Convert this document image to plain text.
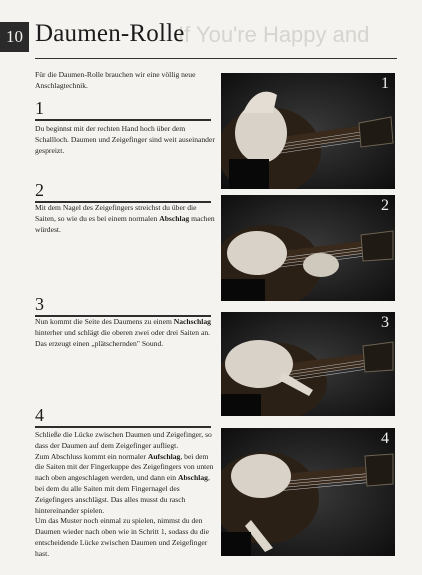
10	If You're Happy and
Daumen-Rolle
Für die Daumen-Rolle brauchen wir eine völlig neue Anschlagtechnik.
1
Du beginnst mit der rechten Hand hoch über dem Schallloch. Daumen und Zeigefinger sind weit auseinander gespreizt.
2
Mit dem Nagel des Zeigefingers streichst du über die Saiten, so wie du es bei einem normalen Abschlag machen würdest.
3
Nun kommt die Seite des Daumens zu einem Nachschlag hinterher und schlägt die oberen zwei oder drei Saiten an. Das erzeugt einen „plätschernden" Sound.
4
Schließe die Lücke zwischen Daumen und Zeigefinger, so dass der Daumen auf dem Zeigefinger aufliegt.
Zum Abschluss kommt ein normaler Aufschlag, bei dem die Saiten mit der Fingerkuppe des Zeigefingers von unten nach oben angeschlagen werden, und dann ein Abschlag, bei dem du alle Saiten mit dem Fingernagel des Zeigefingers anschlägst. Das alles musst du rasch hintereinander spielen.
Um das Muster noch einmal zu spielen, nimmst du den Daumen wieder nach oben wie in Schritt 1, sodass du die entscheidende Lücke zwischen Daumen und Zeigefinger hast.
1
2
3
4
